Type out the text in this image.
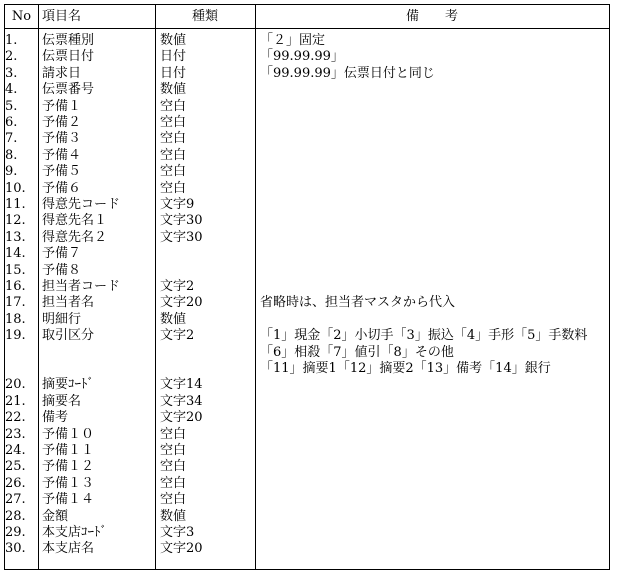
No 項目名	種類	備　　考
1. 伝票種別	数値	「２」固定
2. 伝票日付	日付	「99.99.99」
3. 請求日	日付	「99.99.99」伝票日付と同じ
4. 伝票番号	数値
5. 予備１	空白
6. 予備２	空白
7. 予備３	空白
8. 予備４	空白
9. 予備５	空白
10. 予備６	空白
11. 得意先コード	文字9
12. 得意先名１	文字30
13. 得意先名２	文字30
14. 予備７
15. 予備８
16. 担当者コード	文字2
17. 担当者名	文字20	省略時は、担当者マスタから代入
18. 明細行	数値
19. 取引区分	文字2	「1」現金「2」小切手「3」振込「4」手形「5」手数料
「6」相殺「7」値引「8」その他
「11」摘要1「12」摘要2「13」備考「14」銀行
20. 摘要ｺｰﾄﾞ	文字14
21. 摘要名	文字34
22. 備考	文字20
23. 予備１０	空白
24. 予備１１	空白
25. 予備１２	空白
26. 予備１３	空白
27. 予備１４	空白
28. 金額	数値
29. 本支店ｺｰﾄﾞ	文字3
30. 本支店名	文字20
